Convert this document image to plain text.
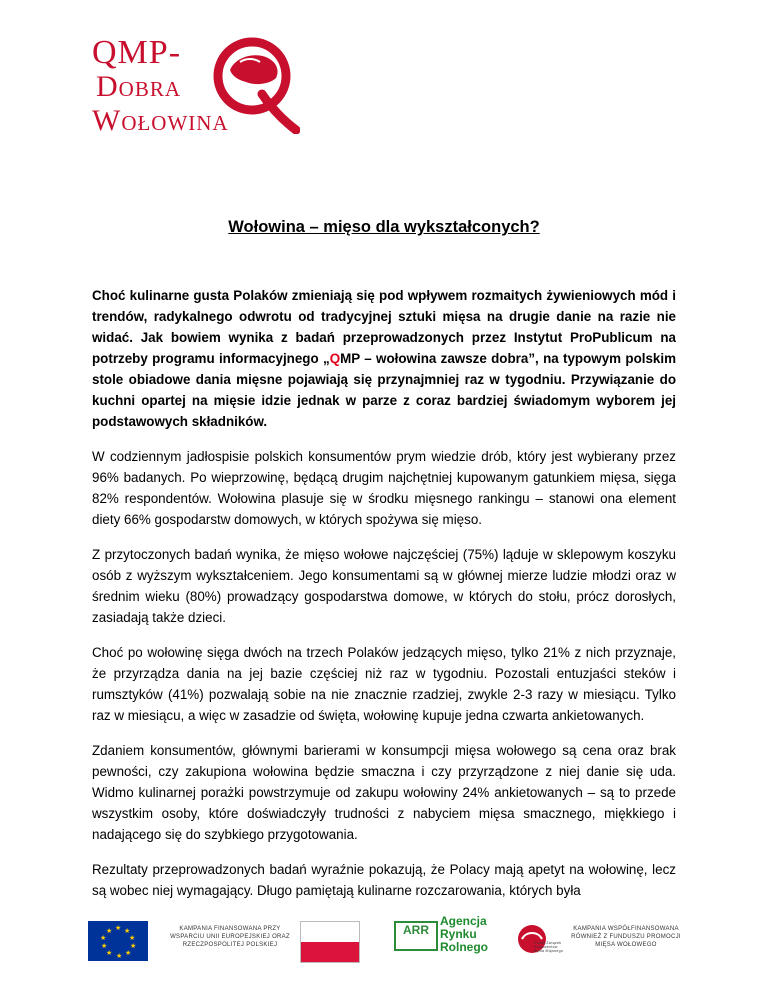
QMP-
Dobra
Wołowina
Wołowina – mięso dla wykształconych?

Choć kulinarne gusta Polaków zmieniają się pod wpływem rozmaitych żywieniowych mód i trendów, radykalnego odwrotu od tradycyjnej sztuki mięsa na drugie danie na razie nie widać. Jak bowiem wynika z badań przeprowadzonych przez Instytut ProPublicum na potrzeby programu informacyjnego „QMP – wołowina zawsze dobra”, na typowym polskim stole obiadowe dania mięsne pojawiają się przynajmniej raz w tygodniu. Przywiązanie do kuchni opartej na mięsie idzie jednak w parze z coraz bardziej świadomym wyborem jej podstawowych składników.

W codziennym jadłospisie polskich konsumentów prym wiedzie drób, który jest wybierany przez 96% badanych. Po wieprzowinę, będącą drugim najchętniej kupowanym gatunkiem mięsa, sięga 82% respondentów. Wołowina plasuje się w środku mięsnego rankingu – stanowi ona element diety 66% gospodarstw domowych, w których spożywa się mięso.

Z przytoczonych badań wynika, że mięso wołowe najczęściej (75%) ląduje w sklepowym koszyku osób z wyższym wykształceniem. Jego konsumentami są w głównej mierze ludzie młodzi oraz w średnim wieku (80%) prowadzący gospodarstwa domowe, w których do stołu, prócz dorosłych, zasiadają także dzieci.

Choć po wołowinę sięga dwóch na trzech Polaków jedzących mięso, tylko 21% z nich przyznaje, że przyrządza dania na jej bazie częściej niż raz w tygodniu. Pozostali entuzjaści steków i rumsztyków (41%) pozwalają sobie na nie znacznie rzadziej, zwykle 2-3 razy w miesiącu. Tylko raz w miesiącu, a więc w zasadzie od święta, wołowinę kupuje jedna czwarta ankietowanych.

Zdaniem konsumentów, głównymi barierami w konsumpcji mięsa wołowego są cena oraz brak pewności, czy zakupiona wołowina będzie smaczna i czy przyrządzone z niej danie się uda. Widmo kulinarnej porażki powstrzymuje od zakupu wołowiny 24% ankietowanych – są to przede wszystkim osoby, które doświadczyły trudności z nabyciem mięsa smacznego, miękkiego i nadającego się do szybkiego przygotowania.

Rezultaty przeprowadzonych badań wyraźnie pokazują, że Polacy mają apetyt na wołowinę, lecz są wobec niej wymagający. Długo pamiętają kulinarne rozczarowania, których była

★ ★
★
★
★
★
★
★
★
★	KAMPANIA FINANSOWANA PRZY WSPARCIU UNII EUROPEJSKIEJ ORAZ RZECZPOSPOLITEJ POLSKIEJ
ARR
Agencja Rynku Rolnego	Polski Związek Producentów Bydła Mięsnego
KAMPANIA WSPÓŁFINANSOWANA RÓWNIEŻ Z FUNDUSZU PROMOCJI MIĘSA WOŁOWEGO
